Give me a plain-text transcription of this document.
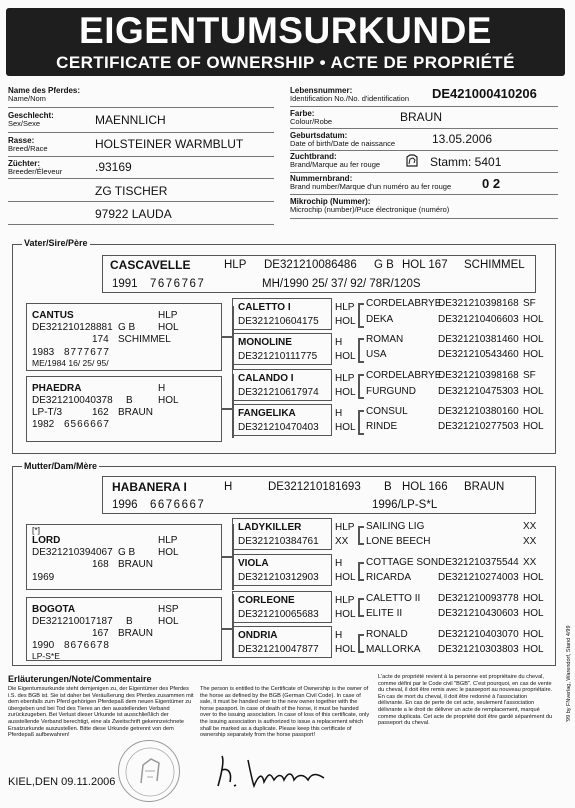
EIGENTUMSURKUNDE
CERTIFICATE OF OWNERSHIP • ACTE DE PROPRIÉTÉ
Name des Pferdes:
Name/Nom
Geschlecht:
Sex/Sexe	MAENNLICH
Rasse:
Breed/Race	HOLSTEINER WARMBLUT
Züchter:
Breeder/Éleveur	.93169
ZG TISCHER
97922 LAUDA
Lebensnummer:
Identification No./No. d'identification DE421000410206
Farbe:
Colour/Robe	BRAUN
Geburtsdatum:
Date of birth/Date de naissance	13.05.2006
Zuchtbrand:
Brand/Marque au fer rouge	Stamm: 5401
Nummernbrand:
Brand number/Marque d'un numéro au fer rouge 0 2
Mikrochip (Nummer):
Microchip (number)/Puce électronique (numéro)
Vater/Sire/Père
CASCAVELLE	HLP DE321210086486 G B HOL 167 SCHIMMEL
1991 7676767	MH/1990 25/ 37/ 92/ 78R/120S
CANTUS	HLP
DE321210128881 G B HOL
174 SCHIMMEL
1983 8777677
ME/1984 16/ 25/ 95/
PHAEDRA	H
DE321210040378 B	HOL
LP-T/3	162 BRAUN
1982 6566667
CALETTO I	HLP
DE321210604175 HOL
MONOLINE	H
DE321210111775 HOL
CALANDO I	HLP
DE321210617974 HOL
FANGELIKA	H
DE321210470403 HOL
CORDELABRYE
DE321210398168 SF
DEKA	DE321210406603 HOL
ROMAN	DE321210381460 HOL
USA	DE321210543460 HOL
CORDELABRYE
DE321210398168 SF
FURGUND DE321210475303 HOL
CONSUL	DE321210380160 HOL
RINDE	DE321210277503 HOL
Mutter/Dam/Mère
HABANERA I	H	DE321210181693 B HOL 166 BRAUN
1996 6676667	1996/LP-S*L
[*]
LORD	HLP
DE321210394067 G B HOL
168 BRAUN
1969
BOGOTA	HSP
DE321210017187 B	HOL
167 BRAUN
1990 8676678
LP-S*E
LADYKILLER	HLP
DE321210384761 XX
VIOLA	H
DE321210312903 HOL
CORLEONE	HLP
DE321210065683 HOL
ONDRIA	H
DE321210047877 HOL
SAILING LIG	XX
LONE BEECH	XX
COTTAGE SON DE321210375544 XX
RICARDA	DE321210274003 HOL
CALETTO II DE321210093778 HOL
ELITE II	DE321210430603 HOL
RONALD	DE321210403070 HOL
MALLORKA DE321210303803 HOL
Erläuterungen/Note/Commentaire
Die Eigentumsurkunde steht demjenigen zu, der Eigentümer des Pferdes i.S. des BGB ist. Sie ist daher bei Veräußerung des Pferdes zusammen mit dem ebenfalls zum Pferd gehörigen Pferdepaß dem neuen Eigentümer zu übergeben und bei Tod des Tieres an den ausstellenden Verband zurückzugeben. Bei Verlust dieser Urkunde ist ausschließlich der ausstellende Verband berechtigt, eine als Zweitschrift gekennzeichnete Ersatzurkunde auszustellen. Bitte diese Urkunde getrennt von dem Pferdepaß aufbewahren!
The person is entitled to the Certificate of Ownership is the owner of the horse as defined by the BGB (German Civil Code). In case of sale, it must be handed over to the new owner together with the horse passport. In case of death of the horse, it must be handed over to the issuing association. In case of loss of this certificate, only the issuing association is authorized to issue a replacement which shall be marked as a duplicate. Please keep this certificate of ownership separately from the horse passport!
L'acte de propriété revient à la personne est propriétaire du cheval, comme défini par le Code civil "BGB". C'est pourquoi, en cas de vente du cheval, il doit être remis avec le passeport au nouveau propriétaire. En cas de mort du cheval, il doit être redonné à l'association délivrante. En cas de perte de cet acte, seulement l'association délivrante a le droit de délivrer un acte de remplacement, marqué comme duplicata. Cet acte de propriété doit être gardé séparément du passeport du cheval.
KIEL,DEN 09.11.2006
'99 by FNverlag, Warendorf, Stand 4/99
